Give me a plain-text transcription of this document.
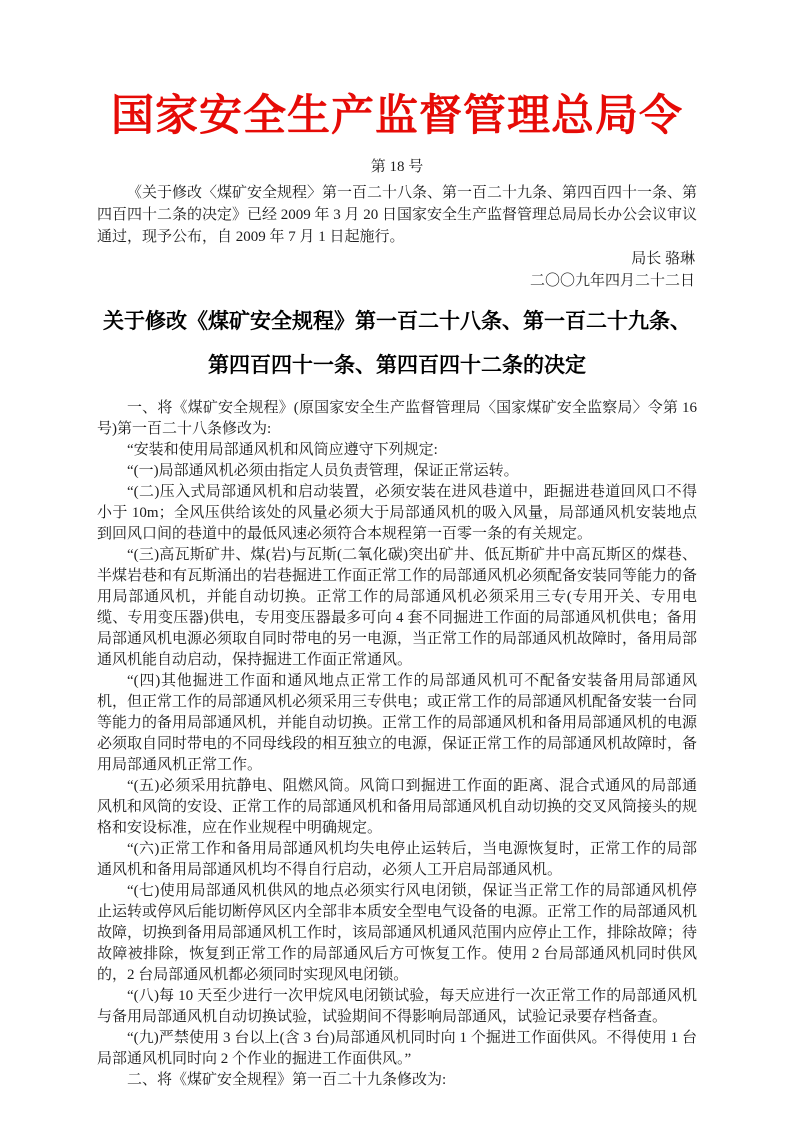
国家安全生产监督管理总局令
第 18 号

《关于修改〈煤矿安全规程〉第一百二十八条、第一百二十九条、第四百四十一条、第四百四十二条的决定》已经 2009 年 3 月 20 日国家安全生产监督管理总局局长办公会议审议通过，现予公布，自 2009 年 7 月 1 日起施行。

局长 骆琳
二〇〇九年四月二十二日
关于修改《煤矿安全规程》第一百二十八条、第一百二十九条、
第四百四十一条、第四百四十二条的决定

一、将《煤矿安全规程》(原国家安全生产监督管理局〈国家煤矿安全监察局〉令第 16 号)第一百二十八条修改为:

“安装和使用局部通风机和风筒应遵守下列规定:

“(一)局部通风机必须由指定人员负责管理，保证正常运转。

“(二)压入式局部通风机和启动装置，必须安装在进风巷道中，距掘进巷道回风口不得小于 10m；全风压供给该处的风量必须大于局部通风机的吸入风量，局部通风机安装地点到回风口间的巷道中的最低风速必须符合本规程第一百零一条的有关规定。

“(三)高瓦斯矿井、煤(岩)与瓦斯(二氧化碳)突出矿井、低瓦斯矿井中高瓦斯区的煤巷、半煤岩巷和有瓦斯涌出的岩巷掘进工作面正常工作的局部通风机必须配备安装同等能力的备用局部通风机，并能自动切换。正常工作的局部通风机必须采用三专(专用开关、专用电缆、专用变压器)供电，专用变压器最多可向 4 套不同掘进工作面的局部通风机供电；备用局部通风机电源必须取自同时带电的另一电源，当正常工作的局部通风机故障时，备用局部通风机能自动启动，保持掘进工作面正常通风。

“(四)其他掘进工作面和通风地点正常工作的局部通风机可不配备安装备用局部通风机，但正常工作的局部通风机必须采用三专供电；或正常工作的局部通风机配备安装一台同等能力的备用局部通风机，并能自动切换。正常工作的局部通风机和备用局部通风机的电源必须取自同时带电的不同母线段的相互独立的电源，保证正常工作的局部通风机故障时，备用局部通风机正常工作。

“(五)必须采用抗静电、阻燃风筒。风筒口到掘进工作面的距离、混合式通风的局部通风机和风筒的安设、正常工作的局部通风机和备用局部通风机自动切换的交叉风筒接头的规格和安设标准，应在作业规程中明确规定。

“(六)正常工作和备用局部通风机均失电停止运转后，当电源恢复时，正常工作的局部通风机和备用局部通风机均不得自行启动，必须人工开启局部通风机。

“(七)使用局部通风机供风的地点必须实行风电闭锁，保证当正常工作的局部通风机停止运转或停风后能切断停风区内全部非本质安全型电气设备的电源。正常工作的局部通风机故障，切换到备用局部通风机工作时，该局部通风机通风范围内应停止工作，排除故障；待故障被排除，恢复到正常工作的局部通风后方可恢复工作。使用 2 台局部通风机同时供风的，2 台局部通风机都必须同时实现风电闭锁。

“(八)每 10 天至少进行一次甲烷风电闭锁试验，每天应进行一次正常工作的局部通风机与备用局部通风机自动切换试验，试验期间不得影响局部通风，试验记录要存档备查。

“(九)严禁使用 3 台以上(含 3 台)局部通风机同时向 1 个掘进工作面供风。不得使用 1 台局部通风机同时向 2 个作业的掘进工作面供风。”

二、将《煤矿安全规程》第一百二十九条修改为:
